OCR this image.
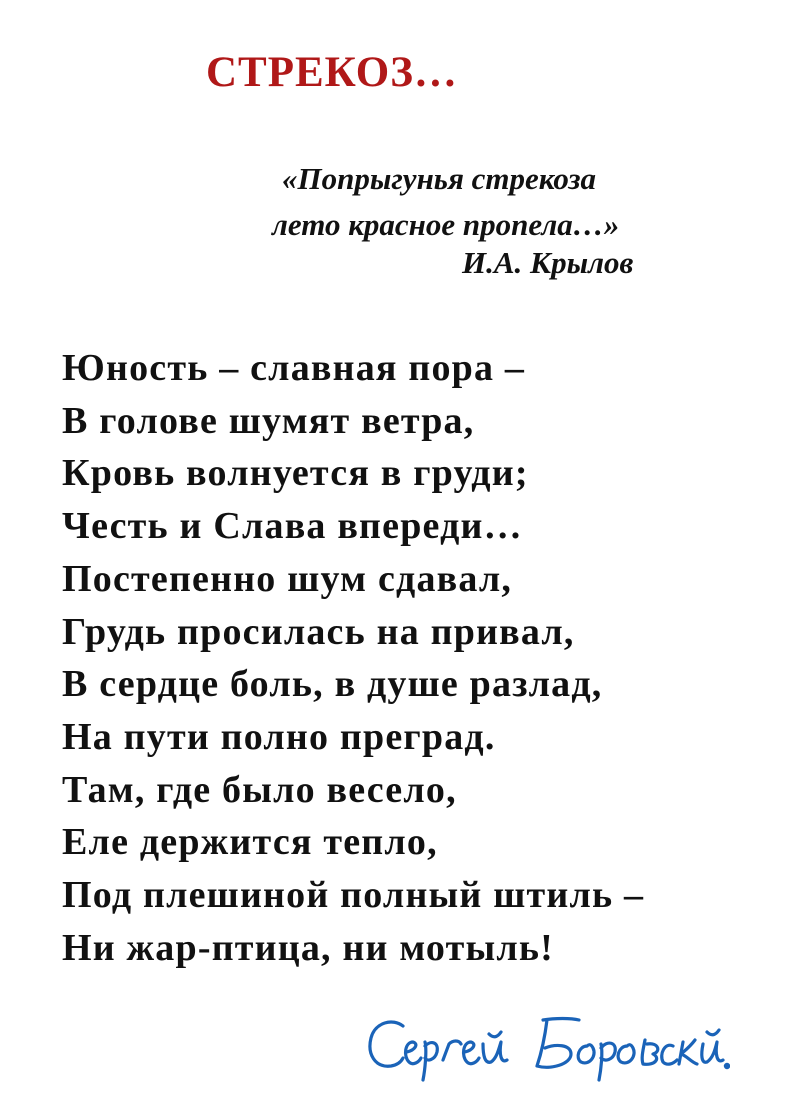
СТРЕКОЗ…
«Попрыгунья стрекоза
лето красное пропела…»
И.А. Крылов
Юность – славная пора –
В голове шумят ветра,
Кровь волнуется в груди;
Честь и Слава впереди…
Постепенно шум сдавал,
Грудь просилась на привал,
В сердце боль, в душе разлад,
На пути полно преград.
Там, где было весело,
Еле держится тепло,
Под плешиной полный штиль –
Ни жар-птица, ни мотыль!
